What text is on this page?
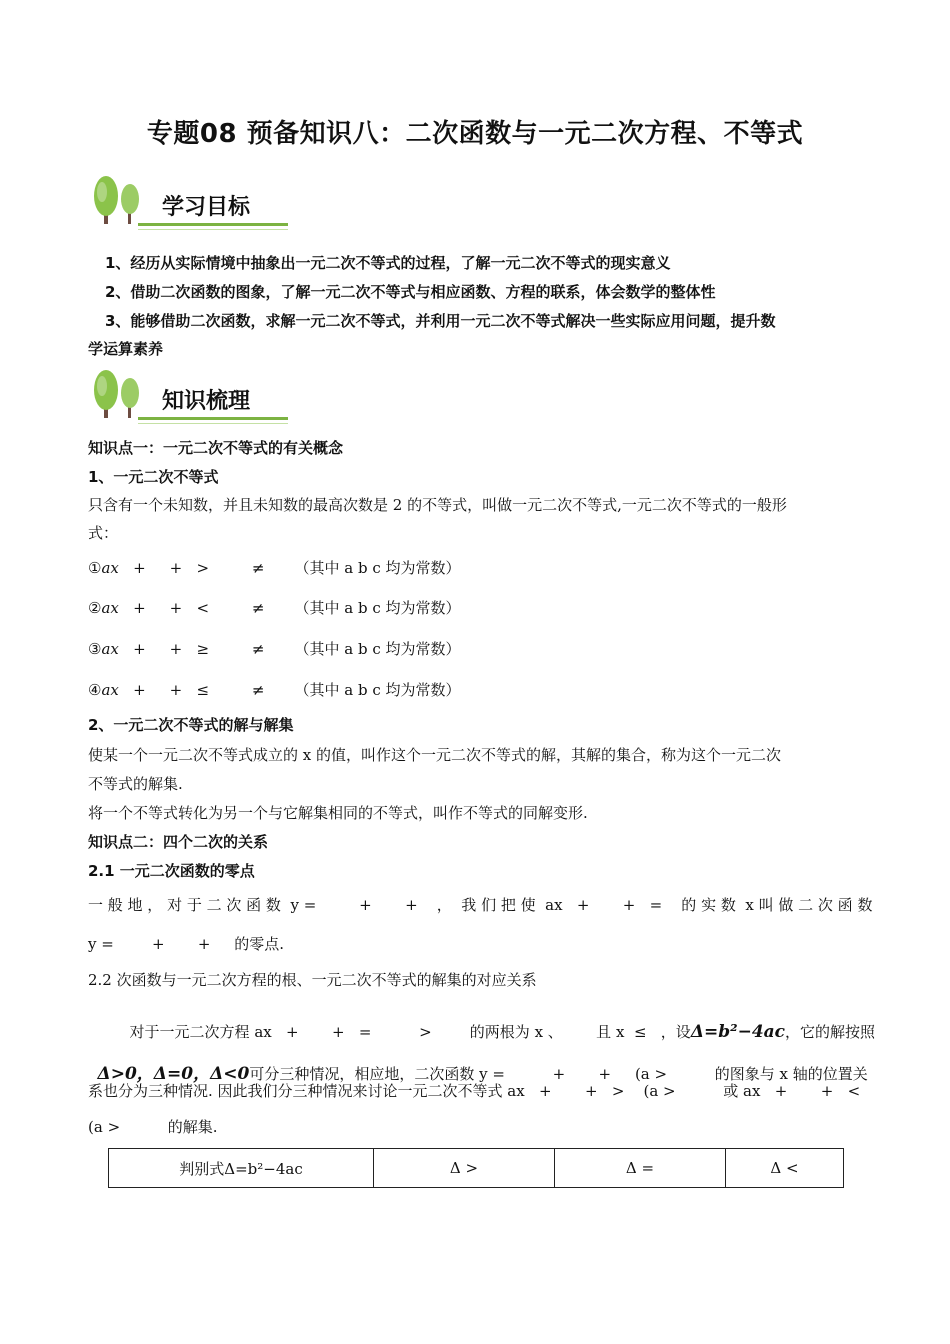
专题08 预备知识八：二次函数与一元二次方程、不等式
学习目标
1、经历从实际情境中抽象出一元二次不等式的过程，了解一元二次不等式的现实意义
2、借助二次函数的图象，了解一元二次不等式与相应函数、方程的联系，体会数学的整体性
3、能够借助二次函数，求解一元二次不等式，并利用一元二次不等式解决一些实际应用问题，提升数
学运算素养
知识梳理
知识点一：一元二次不等式的有关概念
1、一元二次不等式
只含有一个未知数，并且未知数的最高次数是 2 的不等式，叫做一元二次不等式,一元二次不等式的一般形
式：
①ax   +     +   >         ≠ （其中 a b c 均为常数）
②ax   +     +   <         ≠ （其中 a b c 均为常数）
③ax   +     +   ≥         ≠ （其中 a b c 均为常数）
④ax   +     +   ≤         ≠ （其中 a b c 均为常数）
2、一元二次不等式的解与解集
使某一个一元二次不等式成立的 x 的值，叫作这个一元二次不等式的解，其解的集合，称为这个一元二次
不等式的解集.
将一个不等式转化为另一个与它解集相同的不等式，叫作不等式的同解变形.
知识点二：四个二次的关系
2.1 一元二次函数的零点
一 般 地 ， 对 于 二 次 函 数  y =         +       +    ，  我 们 把 使  ax   +       +   =    的 实 数  x 叫 做 二 次 函 数
y =        +       +     的零点.
2.2 次函数与一元二次方程的根、一元二次不等式的解集的对应关系

对于一元二次方程 ax   +       +   =          >        的两根为 x 、       且 x  ≤   ，设Δ=b²−4ac，它的解按照

Δ>0，Δ=0，Δ<0可分三种情况，相应地，二次函数 y =          +       +     (a >          的图象与 x 轴的位置关

系也分为三种情况. 因此我们分三种情况来讨论一元二次不等式 ax   +       +   >    (a >          或 ax   +       +   <
(a >          的解集.
判别式Δ=b²−4ac	Δ >	Δ =	Δ <
